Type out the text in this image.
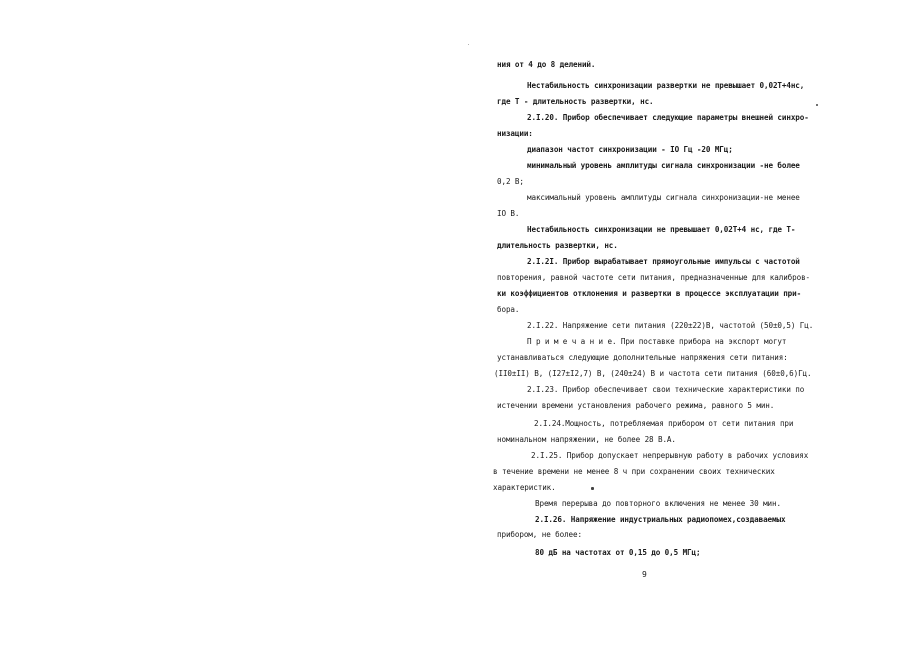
ния от 4 до 8 делений.
Нестабильность синхронизации развертки не превышает 0,02Т+4нс,
где Т - длительность развертки, нс.
2.I.20. Прибор обеспечивает следующие параметры внешней синхро-
низации:
диапазон частот синхронизации - IO Гц -20 МГц;
минимальный уровень амплитуды сигнала синхронизации -не более
0,2 В;
максимальный уровень амплитуды сигнала синхронизации-не менее
IO В.
Нестабильность синхронизации не превышает 0,02Т+4 нс, где Т-
длительность развертки, нс.
2.I.2I. Прибор вырабатывает прямоугольные импульсы с частотой
повторения, равной частоте сети питания, предназначенные для калибров-
ки коэффициентов отклонения и развертки в процессе эксплуатации при-
бора.
2.I.22. Напряжение сети питания (220±22)В, частотой (50±0,5) Гц.
П р и м е ч а н и е. При поставке прибора на экспорт могут
устанавливаться следующие дополнительные напряжения сети питания:
(II0±II) В, (I27±I2,7) В, (240±24) В и частота сети питания (60±0,6)Гц.
2.I.23. Прибор обеспечивает свои технические характеристики по
истечении времени установления рабочего режима, равного 5 мин.
2.I.24.Мощность, потребляемая прибором от сети питания при
номинальном напряжении, не более 28 В.А.
2.I.25. Прибор допускает непрерывную работу в рабочих условиях
в течение времени не менее 8 ч при сохранении своих технических
характеристик.
Время перерыва до повторного включения не менее 30 мин.
2.I.26. Напряжение индустриальных радиопомех,создаваемых
прибором, не более:
80 дБ на частотах от 0,15 до 0,5 МГц;
9
